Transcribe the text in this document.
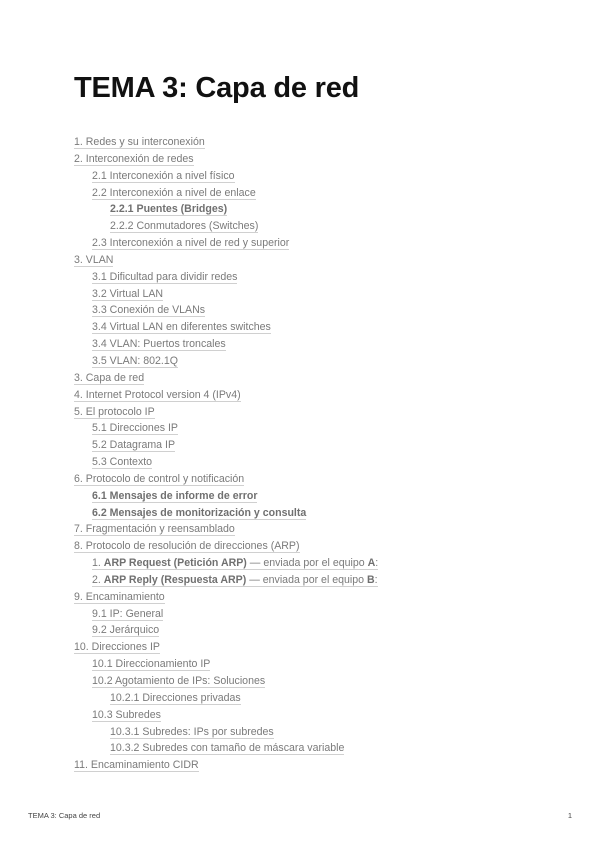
TEMA 3: Capa de red
1. Redes y su interconexión
2. Interconexión de redes
2.1 Interconexión a nivel físico
2.2 Interconexión a nivel de enlace
2.2.1 Puentes (Bridges)
2.2.2 Conmutadores (Switches)
2.3 Interconexión a nivel de red y superior
3. VLAN
3.1 Dificultad para dividir redes
3.2 Virtual LAN
3.3 Conexión de VLANs
3.4 Virtual LAN en diferentes switches
3.4 VLAN: Puertos troncales
3.5 VLAN: 802.1Q
3. Capa de red
4. Internet Protocol version 4 (IPv4)
5. El protocolo IP
5.1 Direcciones IP
5.2 Datagrama IP
5.3 Contexto
6. Protocolo de control y notificación
6.1 Mensajes de informe de error
6.2 Mensajes de monitorización y consulta
7. Fragmentación y reensamblado
8. Protocolo de resolución de direcciones (ARP)
1. ARP Request (Petición ARP) — enviada por el equipo A:
2. ARP Reply (Respuesta ARP) — enviada por el equipo B:
9. Encaminamiento
9.1 IP: General
9.2 Jerárquico
10. Direcciones IP
10.1 Direccionamiento IP
10.2 Agotamiento de IPs: Soluciones
10.2.1 Direcciones privadas
10.3 Subredes
10.3.1 Subredes: IPs por subredes
10.3.2 Subredes con tamaño de máscara variable
11. Encaminamiento CIDR
TEMA 3: Capa de red	1
